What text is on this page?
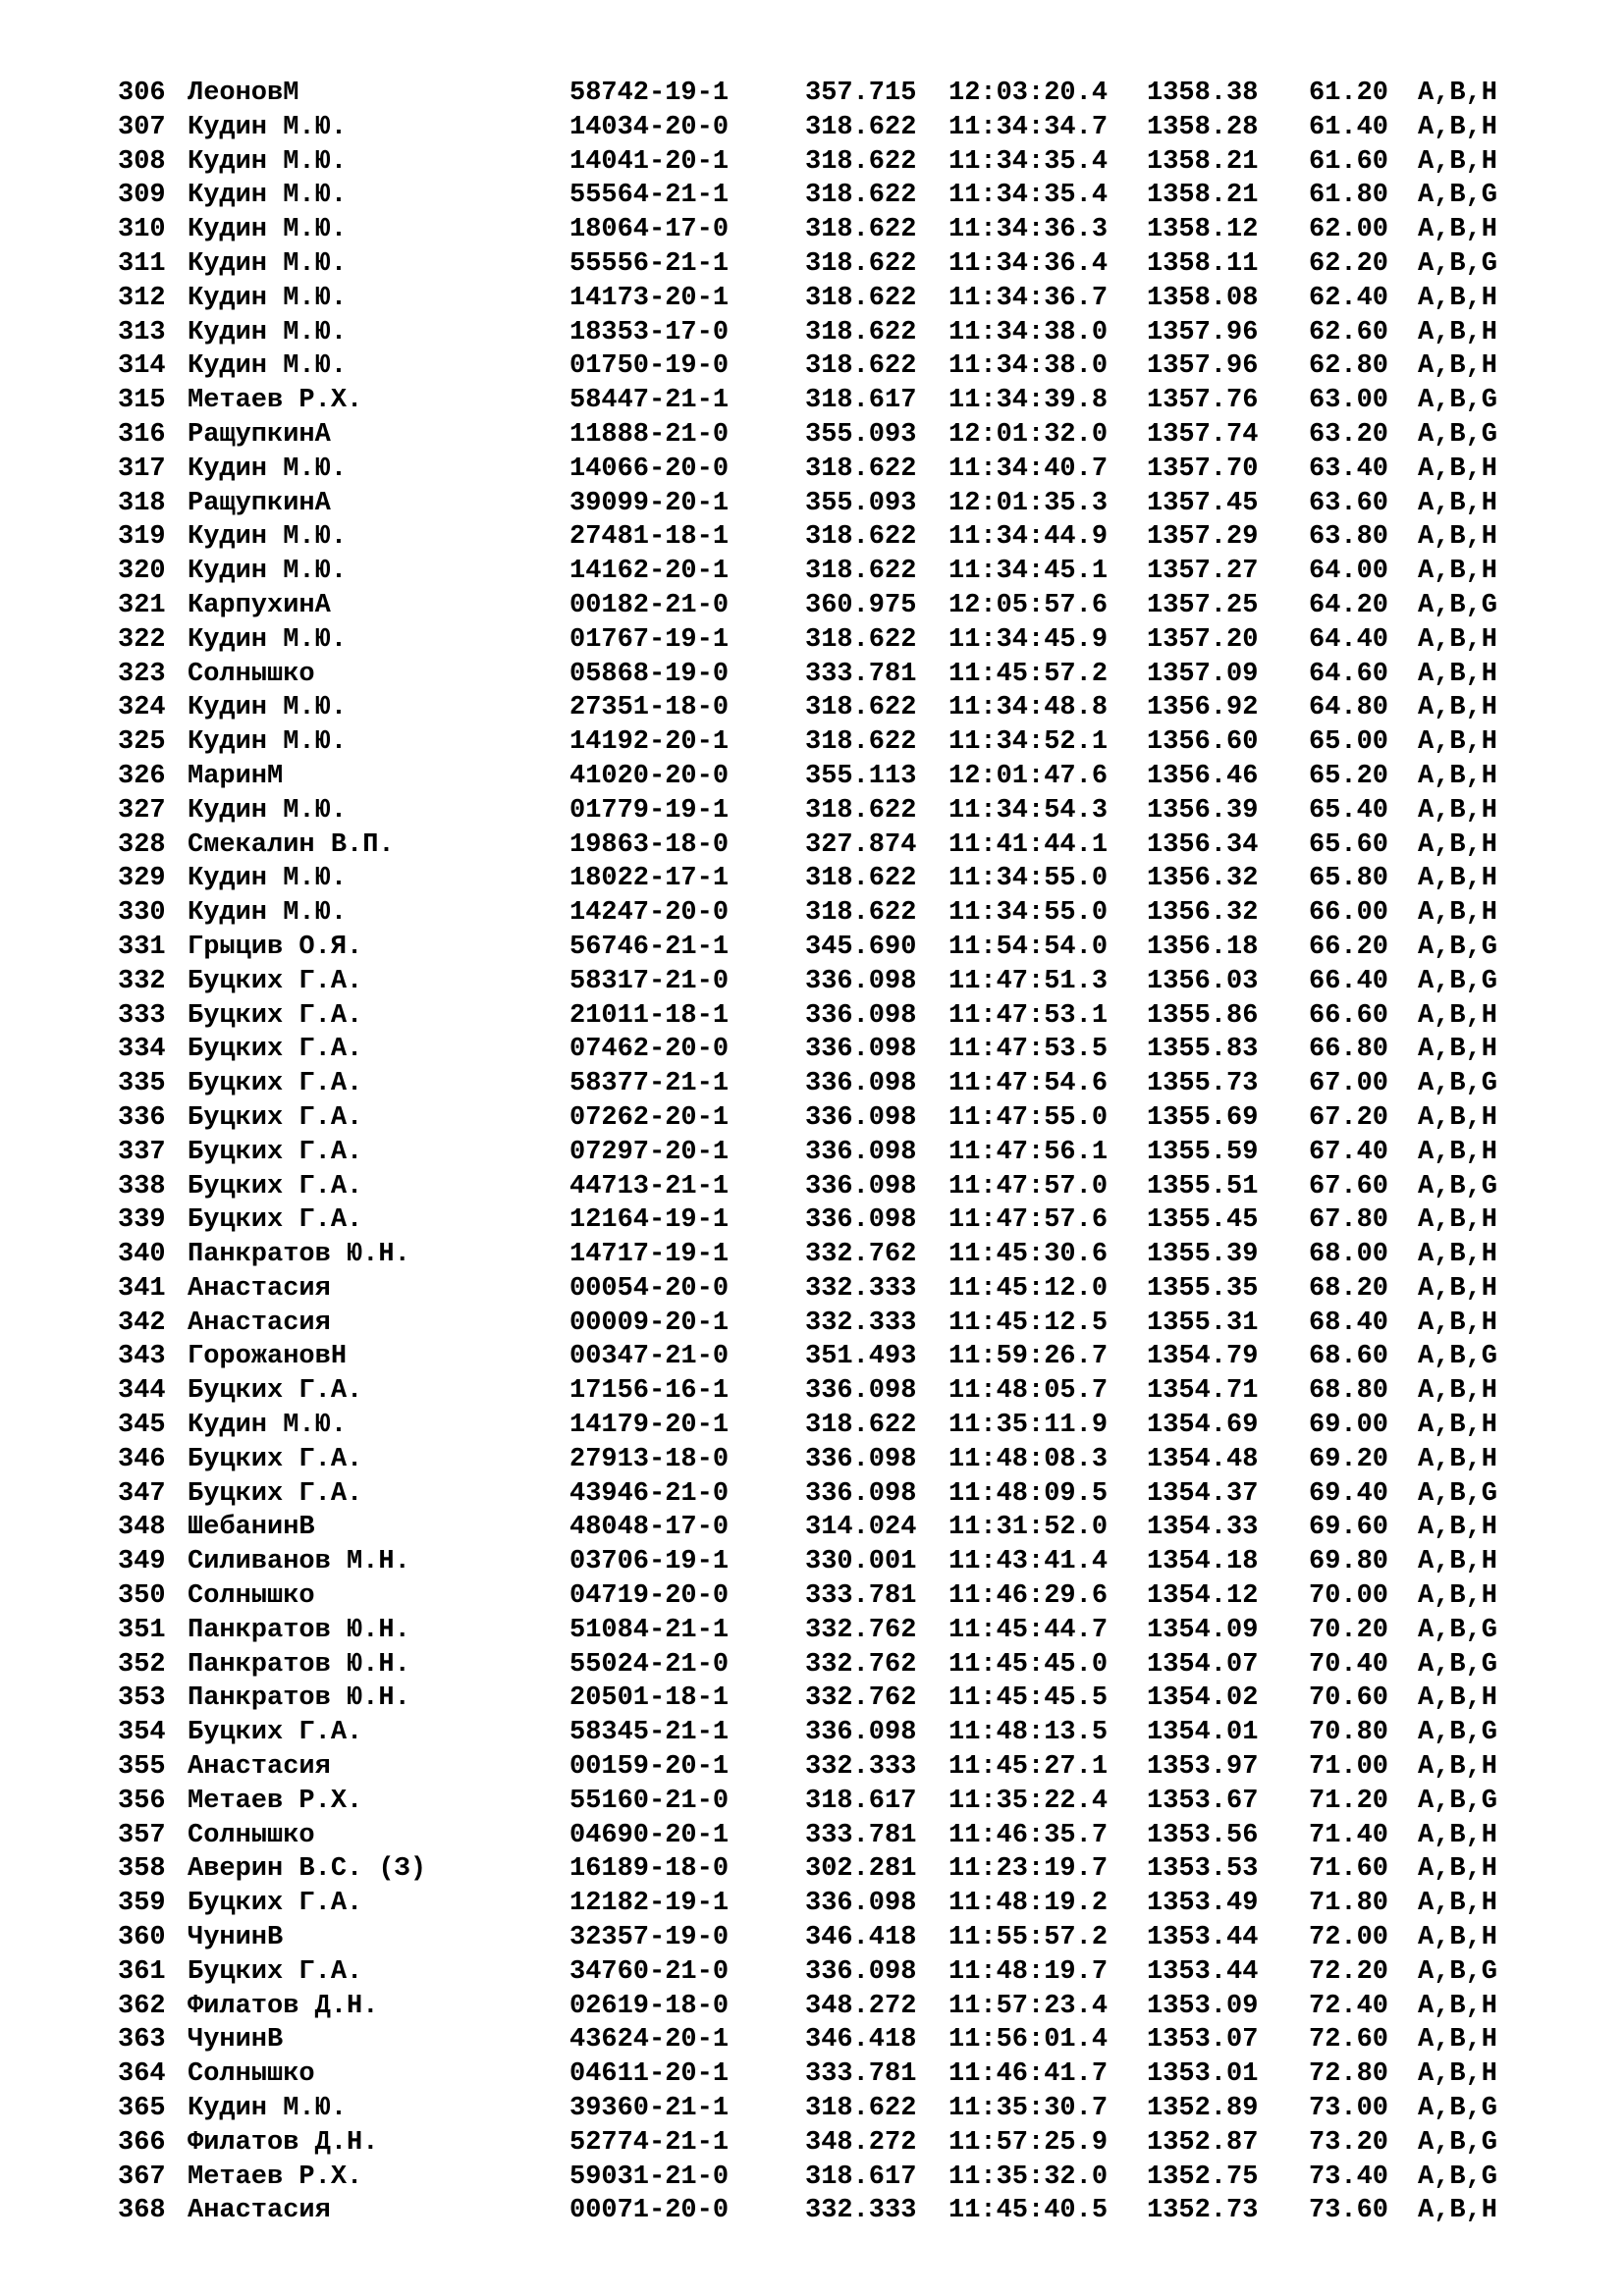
306 ЛеоновМ	58742-19-1	357.715 12:03:20.4 1358.38 61.20 A,B,H
307 Кудин М.Ю.	14034-20-0	318.622 11:34:34.7 1358.28 61.40 A,B,H
308 Кудин М.Ю.	14041-20-1	318.622 11:34:35.4 1358.21 61.60 A,B,H
309 Кудин М.Ю.	55564-21-1	318.622 11:34:35.4 1358.21 61.80 A,B,G
310 Кудин М.Ю.	18064-17-0	318.622 11:34:36.3 1358.12 62.00 A,B,H
311 Кудин М.Ю.	55556-21-1	318.622 11:34:36.4 1358.11 62.20 A,B,G
312 Кудин М.Ю.	14173-20-1	318.622 11:34:36.7 1358.08 62.40 A,B,H
313 Кудин М.Ю.	18353-17-0	318.622 11:34:38.0 1357.96 62.60 A,B,H
314 Кудин М.Ю.	01750-19-0	318.622 11:34:38.0 1357.96 62.80 A,B,H
315 Метаев Р.Х.	58447-21-1	318.617 11:34:39.8 1357.76 63.00 A,B,G
316 РащупкинА	11888-21-0	355.093 12:01:32.0 1357.74 63.20 A,B,G
317 Кудин М.Ю.	14066-20-0	318.622 11:34:40.7 1357.70 63.40 A,B,H
318 РащупкинА	39099-20-1	355.093 12:01:35.3 1357.45 63.60 A,B,H
319 Кудин М.Ю.	27481-18-1	318.622 11:34:44.9 1357.29 63.80 A,B,H
320 Кудин М.Ю.	14162-20-1	318.622 11:34:45.1 1357.27 64.00 A,B,H
321 КарпухинА	00182-21-0	360.975 12:05:57.6 1357.25 64.20 A,B,G
322 Кудин М.Ю.	01767-19-1	318.622 11:34:45.9 1357.20 64.40 A,B,H
323 Солнышко	05868-19-0	333.781 11:45:57.2 1357.09 64.60 A,B,H
324 Кудин М.Ю.	27351-18-0	318.622 11:34:48.8 1356.92 64.80 A,B,H
325 Кудин М.Ю.	14192-20-1	318.622 11:34:52.1 1356.60 65.00 A,B,H
326 МаринМ	41020-20-0	355.113 12:01:47.6 1356.46 65.20 A,B,H
327 Кудин М.Ю.	01779-19-1	318.622 11:34:54.3 1356.39 65.40 A,B,H
328 Смекалин В.П.	19863-18-0	327.874 11:41:44.1 1356.34 65.60 A,B,H
329 Кудин М.Ю.	18022-17-1	318.622 11:34:55.0 1356.32 65.80 A,B,H
330 Кудин М.Ю.	14247-20-0	318.622 11:34:55.0 1356.32 66.00 A,B,H
331 Грыцив О.Я.	56746-21-1	345.690 11:54:54.0 1356.18 66.20 A,B,G
332 Буцких Г.А.	58317-21-0	336.098 11:47:51.3 1356.03 66.40 A,B,G
333 Буцких Г.А.	21011-18-1	336.098 11:47:53.1 1355.86 66.60 A,B,H
334 Буцких Г.А.	07462-20-0	336.098 11:47:53.5 1355.83 66.80 A,B,H
335 Буцких Г.А.	58377-21-1	336.098 11:47:54.6 1355.73 67.00 A,B,G
336 Буцких Г.А.	07262-20-1	336.098 11:47:55.0 1355.69 67.20 A,B,H
337 Буцких Г.А.	07297-20-1	336.098 11:47:56.1 1355.59 67.40 A,B,H
338 Буцких Г.А.	44713-21-1	336.098 11:47:57.0 1355.51 67.60 A,B,G
339 Буцких Г.А.	12164-19-1	336.098 11:47:57.6 1355.45 67.80 A,B,H
340 Панкратов Ю.Н.	14717-19-1	332.762 11:45:30.6 1355.39 68.00 A,B,H
341 Анастасия	00054-20-0	332.333 11:45:12.0 1355.35 68.20 A,B,H
342 Анастасия	00009-20-1	332.333 11:45:12.5 1355.31 68.40 A,B,H
343 ГорожановН	00347-21-0	351.493 11:59:26.7 1354.79 68.60 A,B,G
344 Буцких Г.А.	17156-16-1	336.098 11:48:05.7 1354.71 68.80 A,B,H
345 Кудин М.Ю.	14179-20-1	318.622 11:35:11.9 1354.69 69.00 A,B,H
346 Буцких Г.А.	27913-18-0	336.098 11:48:08.3 1354.48 69.20 A,B,H
347 Буцких Г.А.	43946-21-0	336.098 11:48:09.5 1354.37 69.40 A,B,G
348 ШебанинВ	48048-17-0	314.024 11:31:52.0 1354.33 69.60 A,B,H
349 Силиванов М.Н.	03706-19-1	330.001 11:43:41.4 1354.18 69.80 A,B,H
350 Солнышко	04719-20-0	333.781 11:46:29.6 1354.12 70.00 A,B,H
351 Панкратов Ю.Н.	51084-21-1	332.762 11:45:44.7 1354.09 70.20 A,B,G
352 Панкратов Ю.Н.	55024-21-0	332.762 11:45:45.0 1354.07 70.40 A,B,G
353 Панкратов Ю.Н.	20501-18-1	332.762 11:45:45.5 1354.02 70.60 A,B,H
354 Буцких Г.А.	58345-21-1	336.098 11:48:13.5 1354.01 70.80 A,B,G
355 Анастасия	00159-20-1	332.333 11:45:27.1 1353.97 71.00 A,B,H
356 Метаев Р.Х.	55160-21-0	318.617 11:35:22.4 1353.67 71.20 A,B,G
357 Солнышко	04690-20-1	333.781 11:46:35.7 1353.56 71.40 A,B,H
358 Аверин В.С. (З)	16189-18-0	302.281 11:23:19.7 1353.53 71.60 A,B,H
359 Буцких Г.А.	12182-19-1	336.098 11:48:19.2 1353.49 71.80 A,B,H
360 ЧунинВ	32357-19-0	346.418 11:55:57.2 1353.44 72.00 A,B,H
361 Буцких Г.А.	34760-21-0	336.098 11:48:19.7 1353.44 72.20 A,B,G
362 Филатов Д.Н.	02619-18-0	348.272 11:57:23.4 1353.09 72.40 A,B,H
363 ЧунинВ	43624-20-1	346.418 11:56:01.4 1353.07 72.60 A,B,H
364 Солнышко	04611-20-1	333.781 11:46:41.7 1353.01 72.80 A,B,H
365 Кудин М.Ю.	39360-21-1	318.622 11:35:30.7 1352.89 73.00 A,B,G
366 Филатов Д.Н.	52774-21-1	348.272 11:57:25.9 1352.87 73.20 A,B,G
367 Метаев Р.Х.	59031-21-0	318.617 11:35:32.0 1352.75 73.40 A,B,G
368 Анастасия	00071-20-0	332.333 11:45:40.5 1352.73 73.60 A,B,H
